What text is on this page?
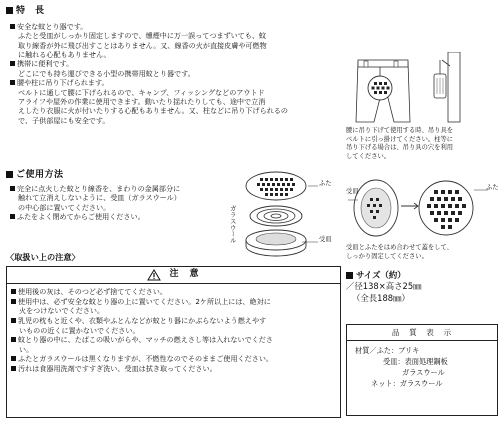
特　長
安全な蚊とり器です。
ふたと受皿がしっかり固定しますので、燻煙中に万一誤ってつまずいても、蚊
取り線香が外に飛び出すことはありません。又、線香の火が直接皮膚や可燃物
に触れる心配もありません。
携帯に便利です。
どこにでも持ち運びできる小型の携帯用蚊とり器です。
腰や柱に吊り下げられます。
ベルトに通して腰に下げられるので、キャンプ、フィッシングなどのアウトド
アライフや屋外の作業に使用できます。動いたり揺れたりしても、途中で立消
えしたり衣服に火が付いたりする心配もありません。又、柱などに吊り下げられるの
で、子供部屋にも安全です。
腰に吊り下げて使用する時、吊り具を
ベルトに引っ掛けてください。柱等に
吊り下げる場合は、吊り具の穴を利用
してください。
ご使用方法
完全に点火した蚊とり線香を、まわりの金属部分に
触れて立消えしないように、受皿（ガラスウール）
の中心部に置いてください。
ふたをよく閉めてからご使用ください。
ふた
ガラスウール	受皿
受皿
ふた
受皿とふたをはめ合わせて蓋をして、
しっかり固定してください。
〈取扱い上の注意〉
注　意
使用後の灰は、そのつど必ず捨ててください。
使用中は、必ず安全な蚊とり器の上に置いてください。2ケ所以上には、絶対に
火をつけないでください。
乳児の枕もと近くや、衣類やふとんなどが蚊とり器にかぶらないよう燃えやす
いものの近くに置かないでください。
蚊とり器の中に、たばこの吸いがらや、マッチの燃えさし等は入れないでくださ
い。
ふたとガラスウールは黒くなりますが、不燃性なのでそのままご使用ください。
汚れは食器用洗剤ですすぎ洗い、受皿は拭き取ってください。
サイズ（約）
／径138×高さ25㎜
（全長188㎜）
品　質　表　示
材質／ふた：ブリキ
受皿：表面処理鋼板
ガラスウール
ネット：ガラスウール
